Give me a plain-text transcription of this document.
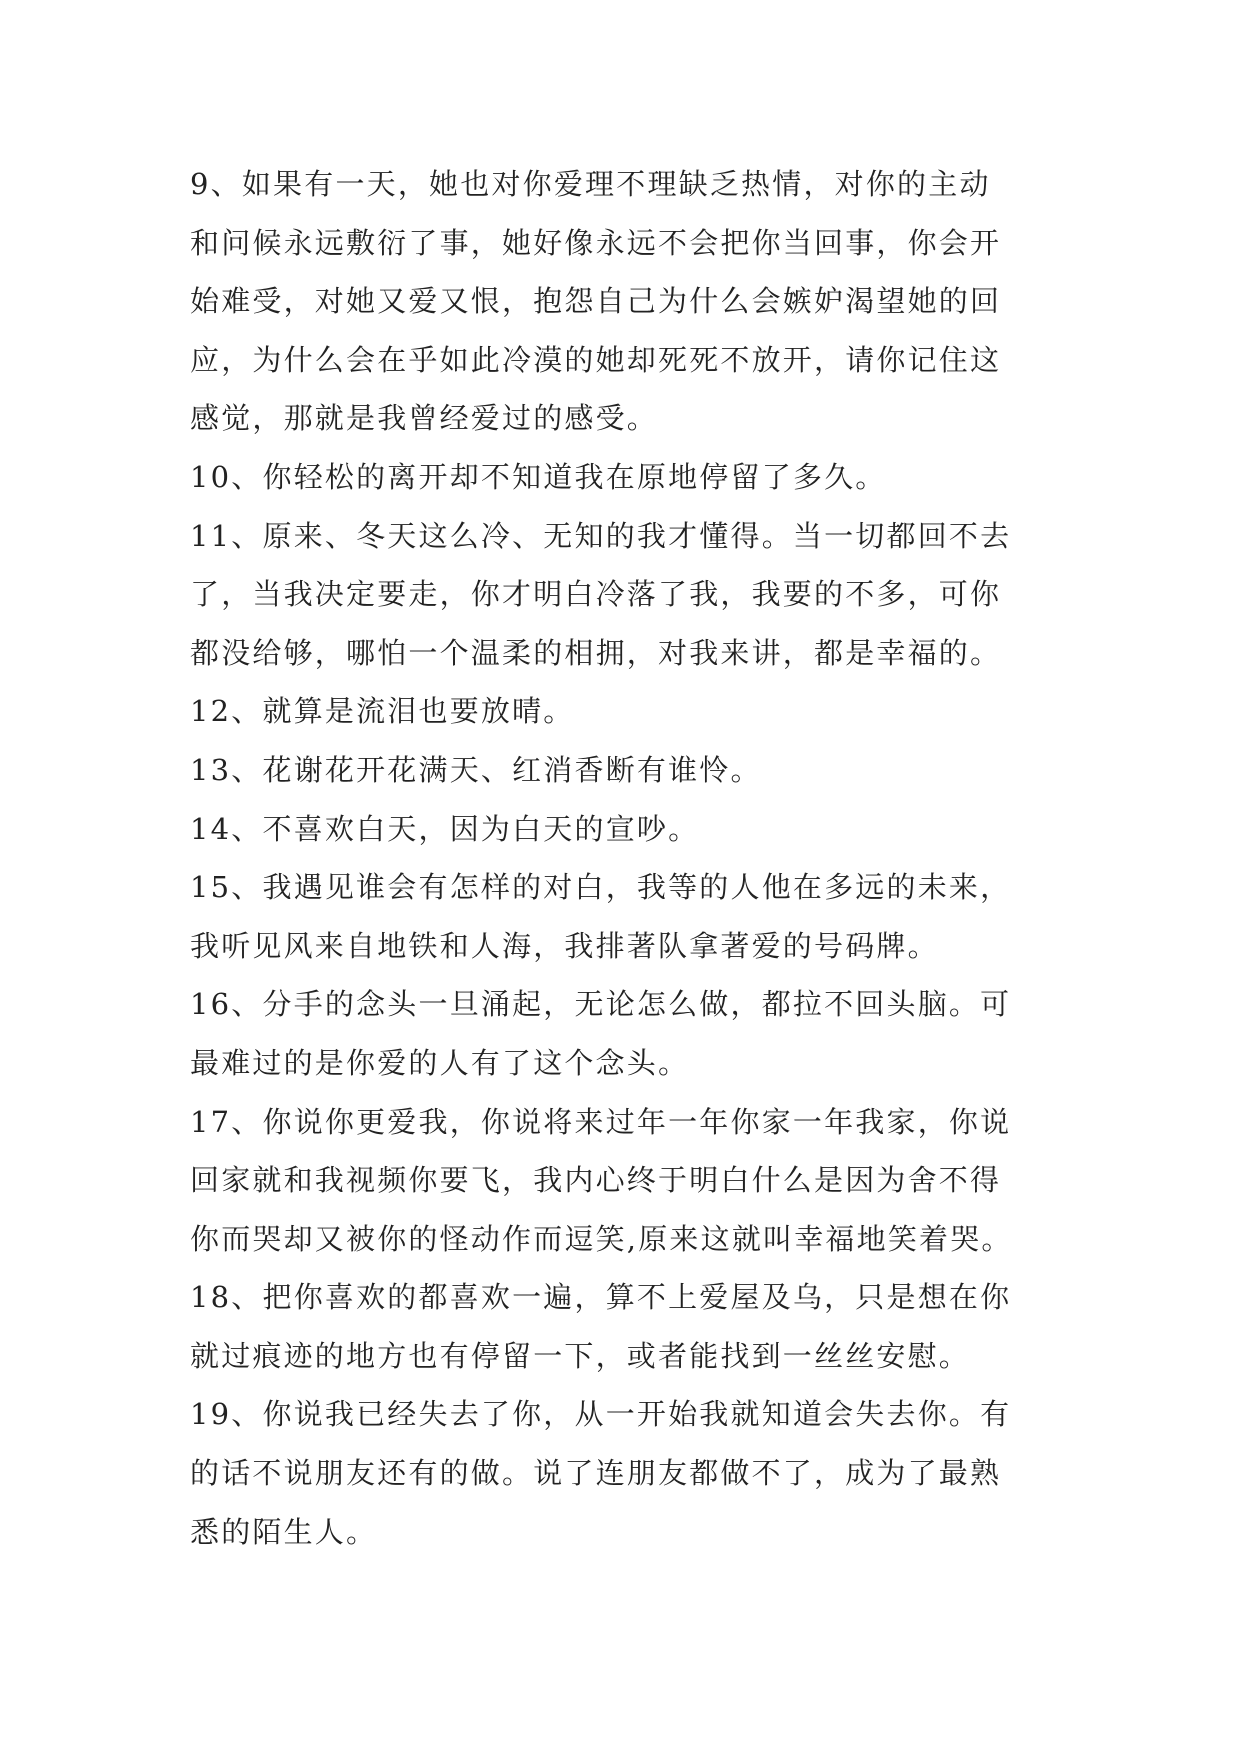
9、如果有一天，她也对你爱理不理缺乏热情，对你的主动
和问候永远敷衍了事，她好像永远不会把你当回事，你会开
始难受，对她又爱又恨，抱怨自己为什么会嫉妒渴望她的回
应，为什么会在乎如此冷漠的她却死死不放开，请你记住这
感觉，那就是我曾经爱过的感受。
10、你轻松的离开却不知道我在原地停留了多久。
11、原来、冬天这么冷、无知的我才懂得。当一切都回不去
了，当我决定要走，你才明白冷落了我，我要的不多，可你
都没给够，哪怕一个温柔的相拥，对我来讲，都是幸福的。
12、就算是流泪也要放晴。
13、花谢花开花满天、红消香断有谁怜。
14、不喜欢白天，因为白天的宣吵。
15、我遇见谁会有怎样的对白，我等的人他在多远的未来，
我听见风来自地铁和人海，我排著队拿著爱的号码牌。
16、分手的念头一旦涌起，无论怎么做，都拉不回头脑。可
最难过的是你爱的人有了这个念头。
17、你说你更爱我，你说将来过年一年你家一年我家，你说
回家就和我视频你要飞，我内心终于明白什么是因为舍不得
你而哭却又被你的怪动作而逗笑,原来这就叫幸福地笑着哭。
18、把你喜欢的都喜欢一遍，算不上爱屋及乌，只是想在你
就过痕迹的地方也有停留一下，或者能找到一丝丝安慰。
19、你说我已经失去了你，从一开始我就知道会失去你。有
的话不说朋友还有的做。说了连朋友都做不了，成为了最熟
悉的陌生人。
